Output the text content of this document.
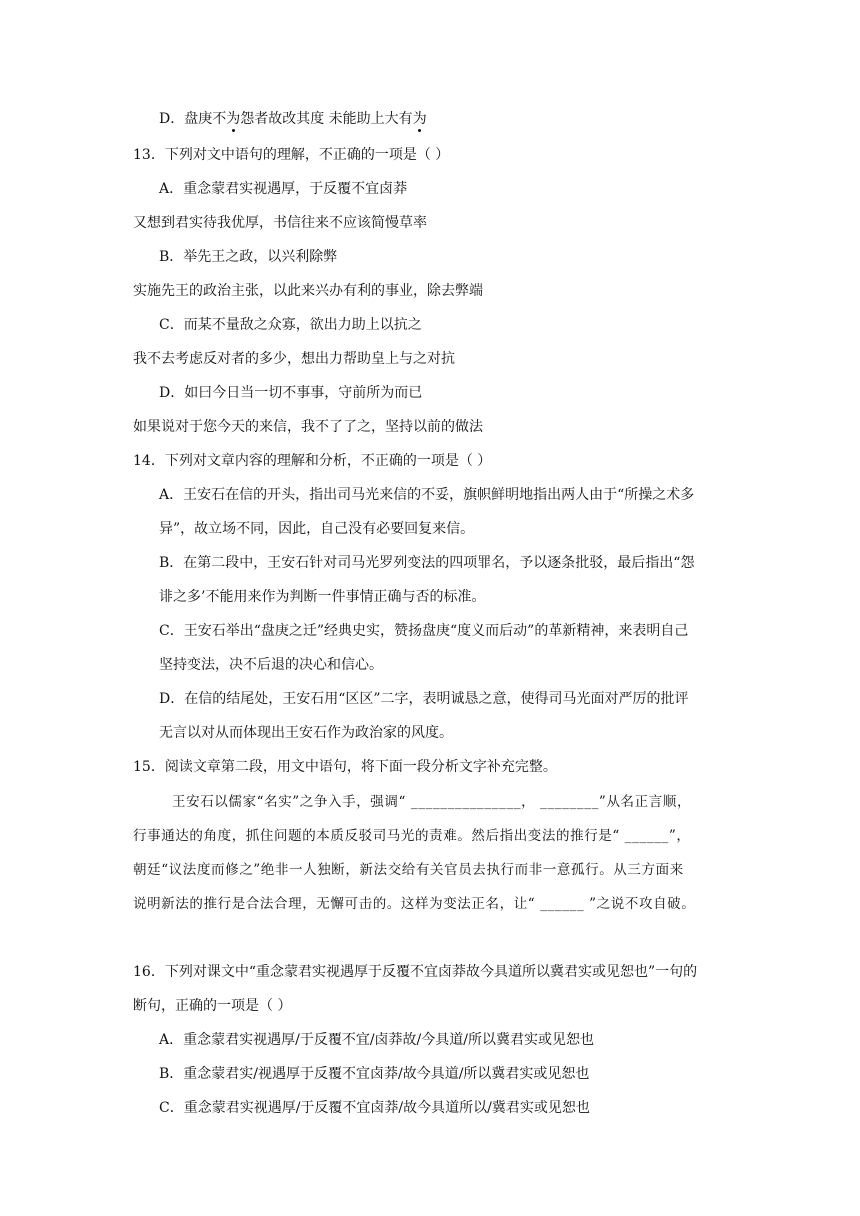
D．盘庚不为怨者故改其度 未能助上大有为
13．下列对文中语句的理解，不正确的一项是（ ）
A．重念蒙君实视遇厚，于反覆不宜卤莽
又想到君实待我优厚，书信往来不应该简慢草率
B．举先王之政，以兴利除弊
实施先王的政治主张，以此来兴办有利的事业，除去弊端
C．而某不量敌之众寡，欲出力助上以抗之
我不去考虑反对者的多少，想出力帮助皇上与之对抗
D．如曰今日当一切不事事，守前所为而已
如果说对于您今天的来信，我不了了之，坚持以前的做法
14．下列对文章内容的理解和分析，不正确的一项是（ ）
A．王安石在信的开头，指出司马光来信的不妥，旗帜鲜明地指出两人由于“所操之术多
异”，故立场不同，因此，自己没有必要回复来信。
B．在第二段中，王安石针对司马光罗列变法的四项罪名，予以逐条批驳，最后指出“怨
诽之多’不能用来作为判断一件事情正确与否的标准。
C．王安石举出“盘庚之迁”经典史实，赞扬盘庚“度义而后动”的革新精神，来表明自己
坚持变法，决不后退的决心和信心。
D．在信的结尾处，王安石用“区区”二字，表明诚恳之意，使得司马光面对严厉的批评
无言以对从而体现出王安石作为政治家的风度。
15．阅读文章第二段，用文中语句，将下面一段分析文字补充完整。
王安石以儒家“名实”之争入手，强调“ _______________， ________”从名正言顺，
行事通达的角度，抓住问题的本质反驳司马光的责难。然后指出变法的推行是“ ______”，
朝廷“议法度而修之”绝非一人独断，新法交给有关官员去执行而非一意孤行。从三方面来
说明新法的推行是合法合理，无懈可击的。这样为变法正名，让“ ______ ”之说不攻自破。
16．下列对课文中“重念蒙君实视遇厚于反覆不宜卤莽故今具道所以冀君实或见恕也”一句的
断句，正确的一项是（ ）
A．重念蒙君实视遇厚/于反覆不宜/卤莽故/今具道/所以冀君实或见恕也
B．重念蒙君实/视遇厚于反覆不宜卤莽/故今具道/所以冀君实或见恕也
C．重念蒙君实视遇厚/于反覆不宜卤莽/故今具道所以/冀君实或见恕也
